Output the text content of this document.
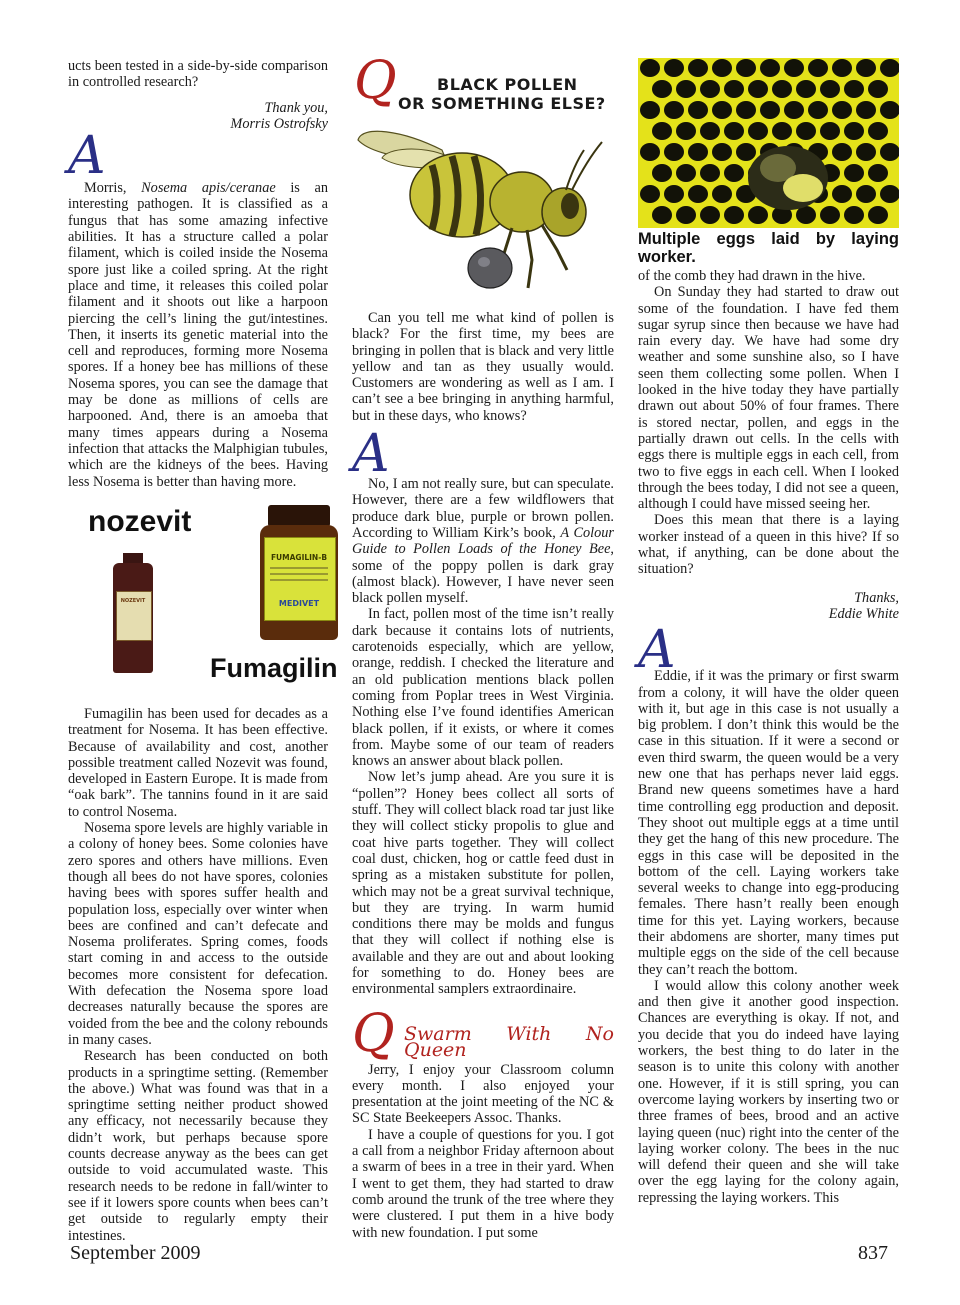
ucts been tested in a side-by-side comparison in controlled research?

Thank you,

Morris Ostrofsky

A

Morris, Nosema apis/ceranae is an interesting pathogen. It is classified as a fungus that has some amazing infective abilities. It has a structure called a polar filament, which is coiled inside the Nosema spore just like a coiled spring. At the right place and time, it releases this coiled polar filament and it shoots out like a harpoon piercing the cell’s lining the gut/intestines. Then, it inserts its genetic material into the cell and reproduces, forming more Nosema spores. If a honey bee has millions of these Nosema spores, you can see the damage that may be done as millions of cells are harpooned. And, there is an amoeba that many times appears during a Nosema infection that attacks the Malphigian tubules, which are the kidneys of the bees. Having less Nosema is better than having more.

nozevit
NOZEVIT
FUMAGILIN-B
MEDIVET
Fumagilin

Fumagilin has been used for decades as a treatment for Nosema. It has been effective. Because of availability and cost, another possible treatment called Nozevit was found, developed in Eastern Europe. It is made from “oak bark”. The tannins found in it are said to control Nosema.

Nosema spore levels are highly variable in a colony of honey bees. Some colonies have zero spores and others have millions. Even though all bees do not have spores, colonies having bees with spores suffer health and population loss, especially over winter when bees are confined and can’t defecate and Nosema proliferates. Spring comes, foods start coming in and access to the outside becomes more consistent for defecation. With defecation the Nosema spore load decreases naturally because the spores are voided from the bee and the colony rebounds in many cases.

Research has been conducted on both products in a springtime setting. (Remember the above.) What was found was that in a springtime setting neither product showed any efficacy, not necessarily because they didn’t work, but perhaps because spore counts decrease anyway as the bees can get outside to void accumulated waste. This research needs to be redone in fall/winter to see if it lowers spore counts when bees can’t get outside to regularly empty their intestines.

Q	BLACK POLLEN
OR SOMETHING ELSE?

Can you tell me what kind of pollen is black? For the first time, my bees are bringing in pollen that is black and very little yellow and tan as they usually would. Customers are wondering as well as I am. I can’t see a bee bringing in anything harmful, but in these days, who knows?

A

No, I am not really sure, but can speculate. However, there are a few wildflowers that produce dark blue, purple or brown pollen. According to William Kirk’s book, A Colour Guide to Pollen Loads of the Honey Bee, some of the poppy pollen is dark gray (almost black). However, I have never seen black pollen myself.

In fact, pollen most of the time isn’t really dark because it contains lots of nutrients, carotenoids especially, which are yellow, orange, reddish. I checked the literature and an old publication mentions black pollen coming from Poplar trees in West Virginia. Nothing else I’ve found identifies American black pollen, if it exists, or where it comes from. Maybe some of our team of readers knows an answer about black pollen.

Now let’s jump ahead. Are you sure it is “pollen”? Honey bees collect all sorts of stuff. They will collect black road tar just like they will collect sticky propolis to glue and coat hive parts together. They will collect coal dust, chicken, hog or cattle feed dust in spring as a mistaken substitute for pollen, which may not be a great survival technique, but they are trying. In warm humid conditions there may be molds and fungus that they will collect if nothing else is available and they are out and about looking for something to do. Honey bees are environmental samplers extraordinaire.

Q Swarm With No Queen

Jerry, I enjoy your Classroom column every month. I also enjoyed your presentation at the joint meeting of the NC & SC State Beekeepers Assoc. Thanks.

I have a couple of questions for you. I got a call from a neighbor Friday afternoon about a swarm of bees in a tree in their yard. When I went to get them, they had started to draw comb around the trunk of the tree where they were clustered. I put them in a hive body with new foundation. I put some

Multiple eggs laid by laying worker.

of the comb they had drawn in the hive.

On Sunday they had started to draw out some of the foundation. I have fed them sugar syrup since then because we have had rain every day. We have had some dry weather and some sunshine also, so I have seen them collecting some pollen. When I looked in the hive today they have partially drawn out about 50% of four frames. There is stored nectar, pollen, and eggs in the partially drawn out cells. In the cells with eggs there is multiple eggs in each cell, from two to five eggs in each cell. When I looked through the bees today, I did not see a queen, although I could have missed seeing her.

Does this mean that there is a laying worker instead of a queen in this hive? If so what, if anything, can be done about the situation?

Thanks,

Eddie White

A

Eddie, if it was the primary or first swarm from a colony, it will have the older queen with it, but age in this case is not usually a big problem. I don’t think this would be the case in this situation. If it were a second or even third swarm, the queen would be a very new one that has perhaps never laid eggs. Brand new queens sometimes have a hard time controlling egg production and deposit. They shoot out multiple eggs at a time until they get the hang of this new procedure. The eggs in this case will be deposited in the bottom of the cell. Laying workers take several weeks to change into egg-producing females. There hasn’t really been enough time for this yet. Laying workers, because their abdomens are shorter, many times put multiple eggs on the side of the cell because they can’t reach the bottom.

I would allow this colony another week and then give it another good inspection. Chances are everything is okay. If not, and you decide that you do indeed have laying workers, the best thing to do later in the season is to unite this colony with another one. However, if it is still spring, you can overcome laying workers by inserting two or three frames of bees, brood and an active laying queen (nuc) right into the center of the laying worker colony. The bees in the nuc will defend their queen and she will take over the egg laying for the colony again, repressing the laying workers. This

September 2009	837
